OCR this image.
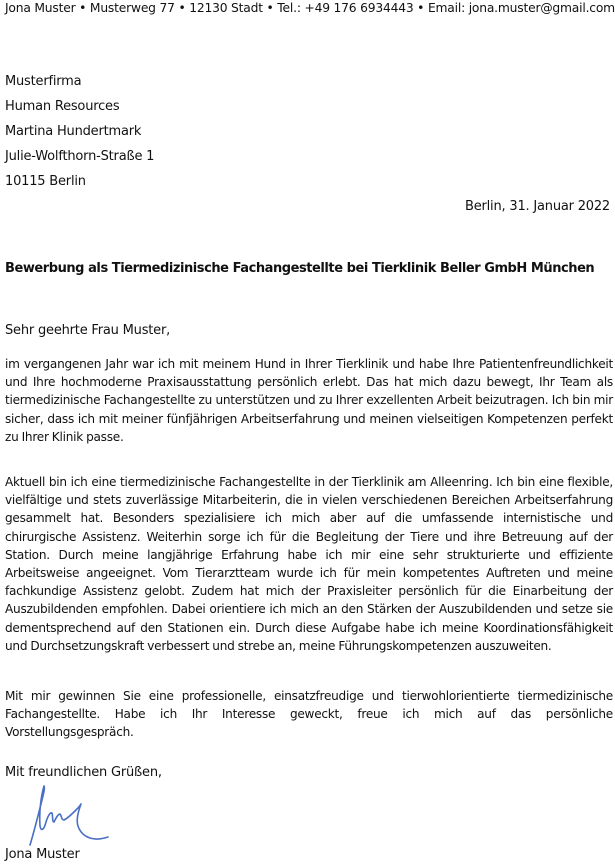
Jona Muster • Musterweg 77 • 12130 Stadt • Tel.: +49 176 6934443 • Email: jona.muster@gmail.com
Musterfirma
Human Resources
Martina Hundertmark
Julie-Wolfthorn-Straße 1
10115 Berlin
Berlin, 31. Januar 2022
Bewerbung als Tiermedizinische Fachangestellte bei Tierklinik Beller GmbH München
Sehr geehrte Frau Muster,

im vergangenen Jahr war ich mit meinem Hund in Ihrer Tierklinik und habe Ihre Patientenfreundlichkeit und Ihre hochmoderne Praxisausstattung persönlich erlebt. Das hat mich dazu bewegt, Ihr Team als tiermedizinische Fachangestellte zu unterstützen und zu Ihrer exzellenten Arbeit beizutragen. Ich bin mir sicher, dass ich mit meiner fünfjährigen Arbeitserfahrung und meinen vielseitigen Kompetenzen perfekt zu Ihrer Klinik passe.

Aktuell bin ich eine tiermedizinische Fachangestellte in der Tierklinik am Alleenring. Ich bin eine flexible, vielfältige und stets zuverlässige Mitarbeiterin, die in vielen verschiedenen Bereichen Arbeitserfahrung gesammelt hat. Besonders spezialisiere ich mich aber auf die umfassende internistische und chirurgische Assistenz. Weiterhin sorge ich für die Begleitung der Tiere und ihre Betreuung auf der Station. Durch meine langjährige Erfahrung habe ich mir eine sehr strukturierte und effiziente Arbeitsweise angeeignet. Vom Tierarztteam wurde ich für mein kompetentes Auftreten und meine fachkundige Assistenz gelobt. Zudem hat mich der Praxisleiter persönlich für die Einarbeitung der Auszubildenden empfohlen. Dabei orientiere ich mich an den Stärken der Auszubildenden und setze sie dementsprechend auf den Stationen ein. Durch diese Aufgabe habe ich meine Koordinationsfähigkeit und Durchsetzungskraft verbessert und strebe an, meine Führungskompetenzen auszuweiten.

Mit mir gewinnen Sie eine professionelle, einsatzfreudige und tierwohlorientierte tiermedizinische Fachangestellte. Habe ich Ihr Interesse geweckt, freue ich mich auf das persönliche Vorstellungsgespräch.

Mit freundlichen Grüßen,
Jona Muster
